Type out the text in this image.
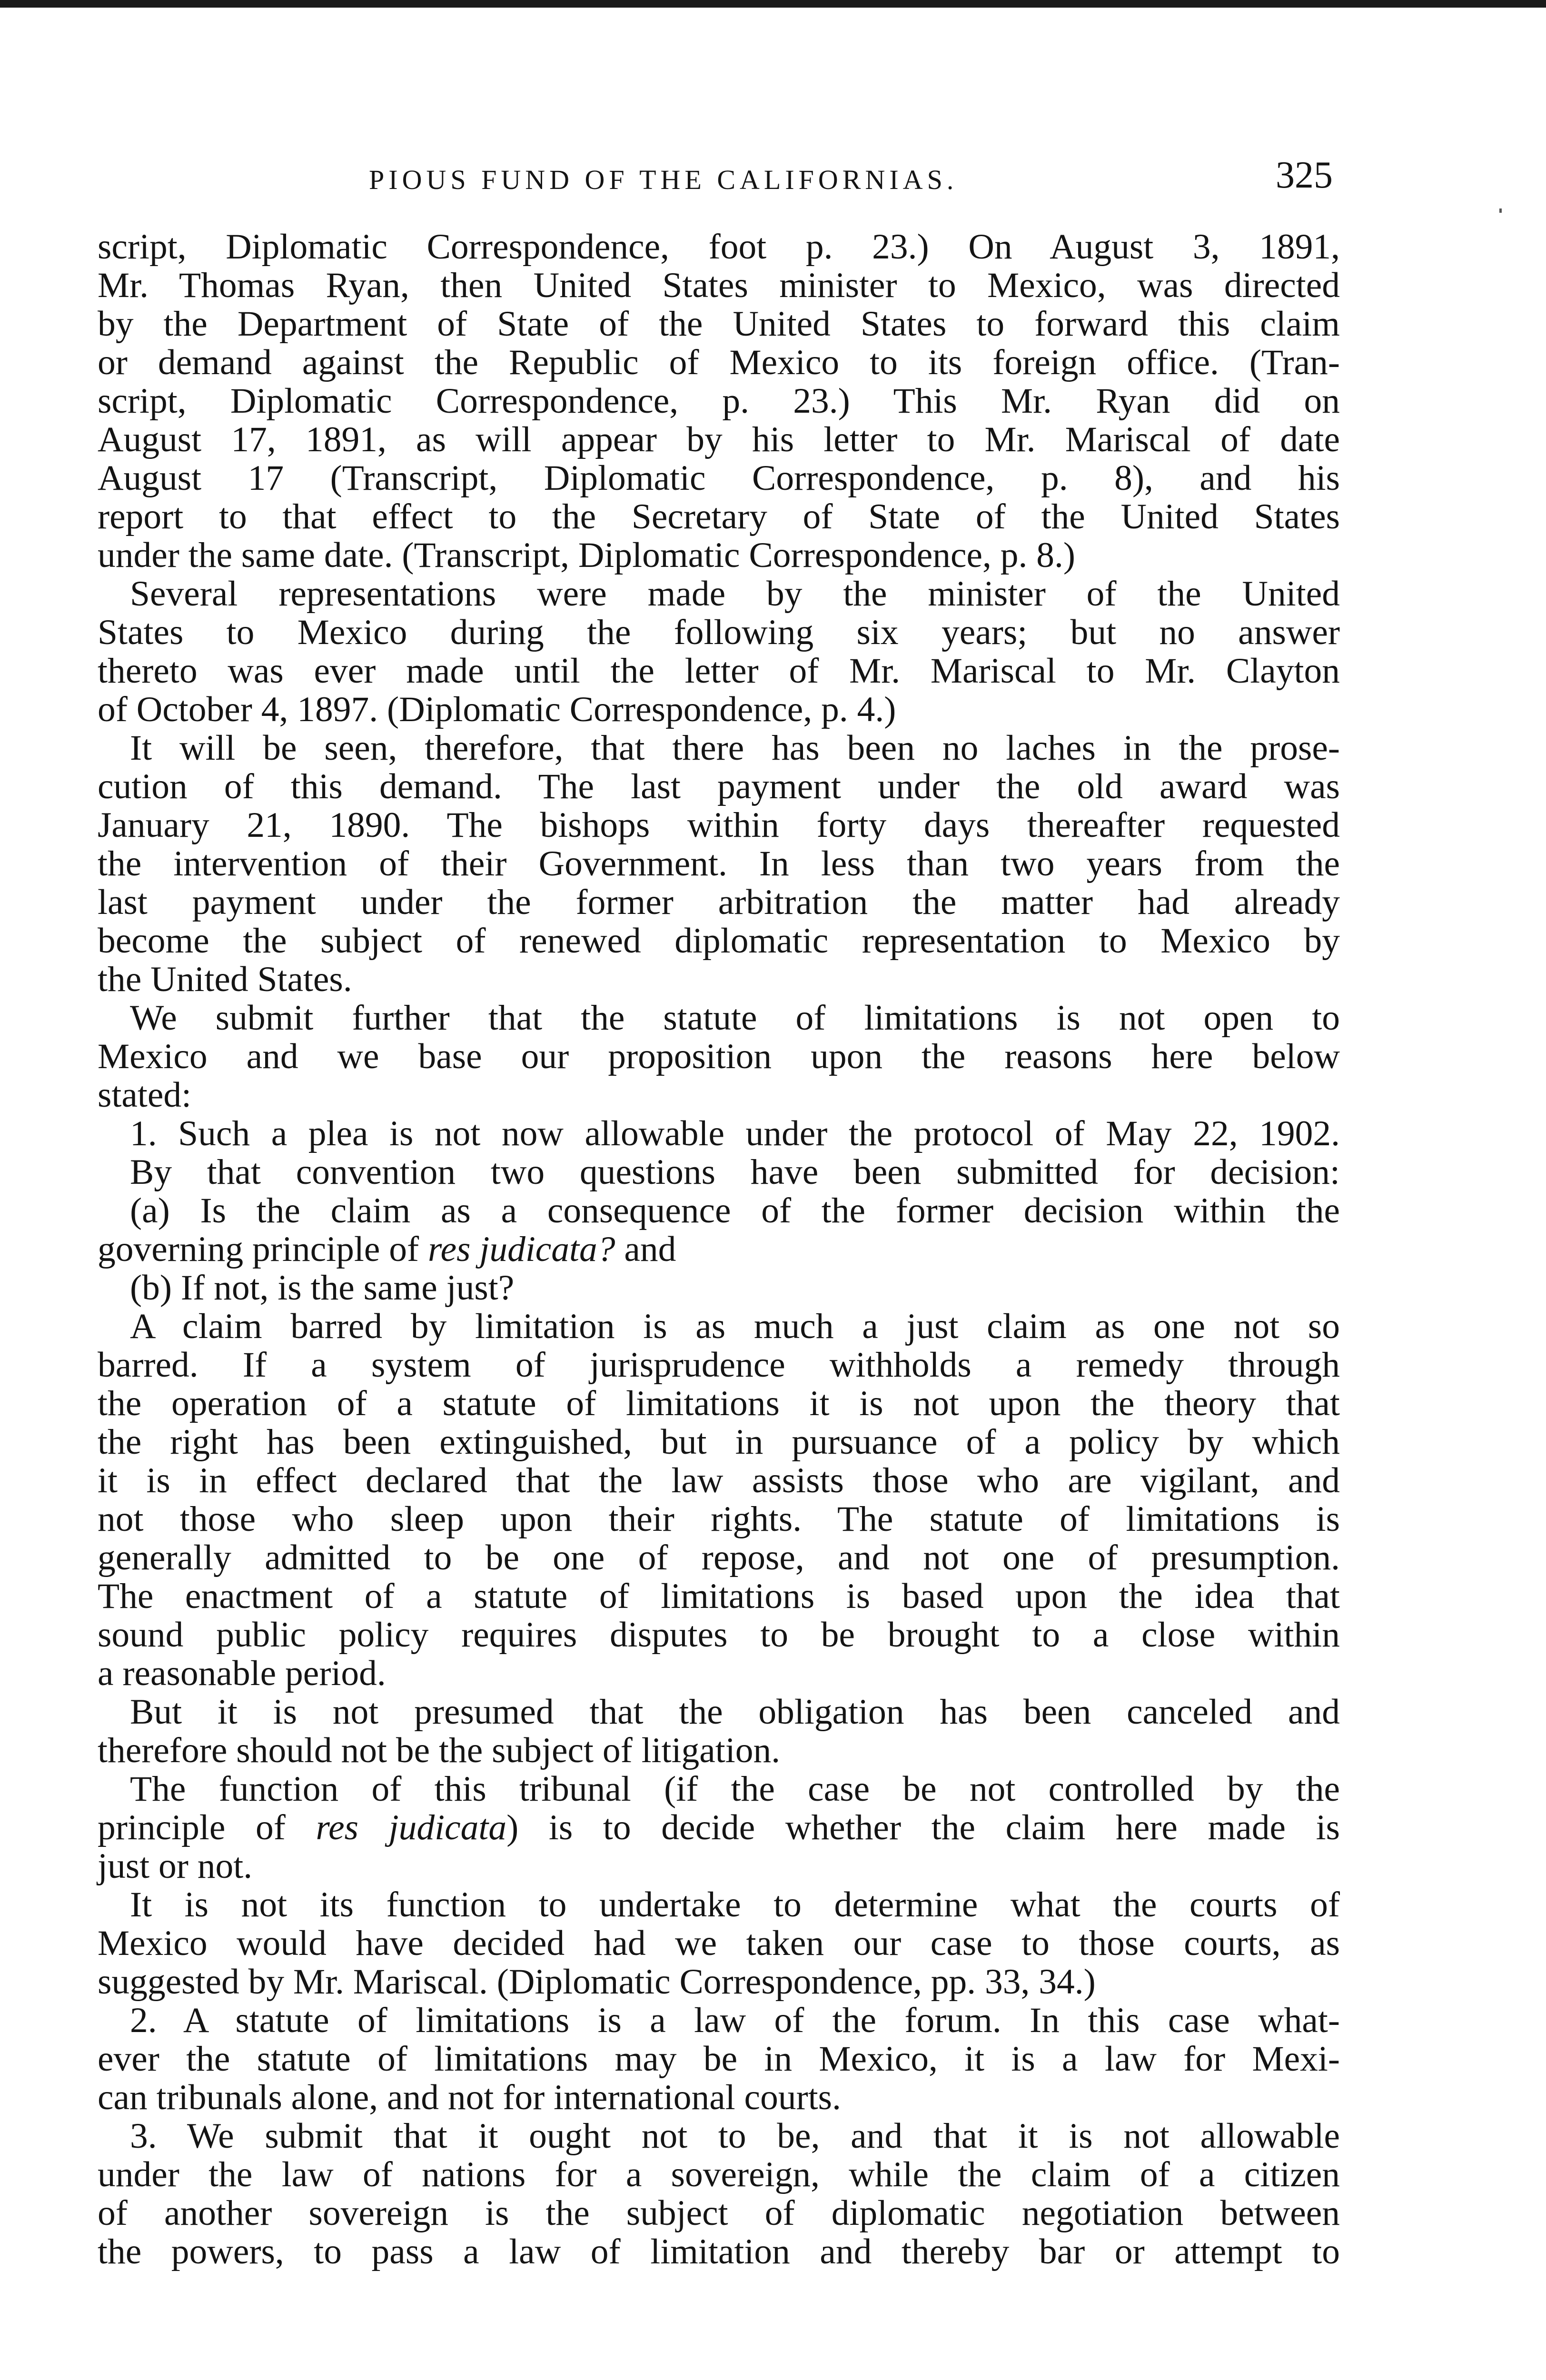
PIOUS FUND OF THE CALIFORNIAS.	325
script, Diplomatic Correspondence, foot p. 23.) On August 3, 1891,
Mr. Thomas Ryan, then United States minister to Mexico, was directed
by the Department of State of the United States to forward this claim
or demand against the Republic of Mexico to its foreign office. (Tran-
script, Diplomatic Correspondence, p. 23.) This Mr. Ryan did on
August 17, 1891, as will appear by his letter to Mr. Mariscal of date
August 17 (Transcript, Diplomatic Correspondence, p. 8), and his
report to that effect to the Secretary of State of the United States
under the same date. (Transcript, Diplomatic Correspondence, p. 8.)
Several representations were made by the minister of the United
States to Mexico during the following six years; but no answer
thereto was ever made until the letter of Mr. Mariscal to Mr. Clayton
of October 4, 1897. (Diplomatic Correspondence, p. 4.)
It will be seen, therefore, that there has been no laches in the prose-
cution of this demand. The last payment under the old award was
January 21, 1890. The bishops within forty days thereafter requested
the intervention of their Government. In less than two years from the
last payment under the former arbitration the matter had already
become the subject of renewed diplomatic representation to Mexico by
the United States.
We submit further that the statute of limitations is not open to
Mexico and we base our proposition upon the reasons here below
stated:
1. Such a plea is not now allowable under the protocol of May 22, 1902.
By that convention two questions have been submitted for decision:
(a) Is the claim as a consequence of the former decision within the
governing principle of res judicata? and
(b) If not, is the same just?
A claim barred by limitation is as much a just claim as one not so
barred. If a system of jurisprudence withholds a remedy through
the operation of a statute of limitations it is not upon the theory that
the right has been extinguished, but in pursuance of a policy by which
it is in effect declared that the law assists those who are vigilant, and
not those who sleep upon their rights. The statute of limitations is
generally admitted to be one of repose, and not one of presumption.
The enactment of a statute of limitations is based upon the idea that
sound public policy requires disputes to be brought to a close within
a reasonable period.
But it is not presumed that the obligation has been canceled and
therefore should not be the subject of litigation.
The function of this tribunal (if the case be not controlled by the
principle of res judicata) is to decide whether the claim here made is
just or not.
It is not its function to undertake to determine what the courts of
Mexico would have decided had we taken our case to those courts, as
suggested by Mr. Mariscal. (Diplomatic Correspondence, pp. 33, 34.)
2. A statute of limitations is a law of the forum. In this case what-
ever the statute of limitations may be in Mexico, it is a law for Mexi-
can tribunals alone, and not for international courts.
3. We submit that it ought not to be, and that it is not allowable
under the law of nations for a sovereign, while the claim of a citizen
of another sovereign is the subject of diplomatic negotiation between
the powers, to pass a law of limitation and thereby bar or attempt to
